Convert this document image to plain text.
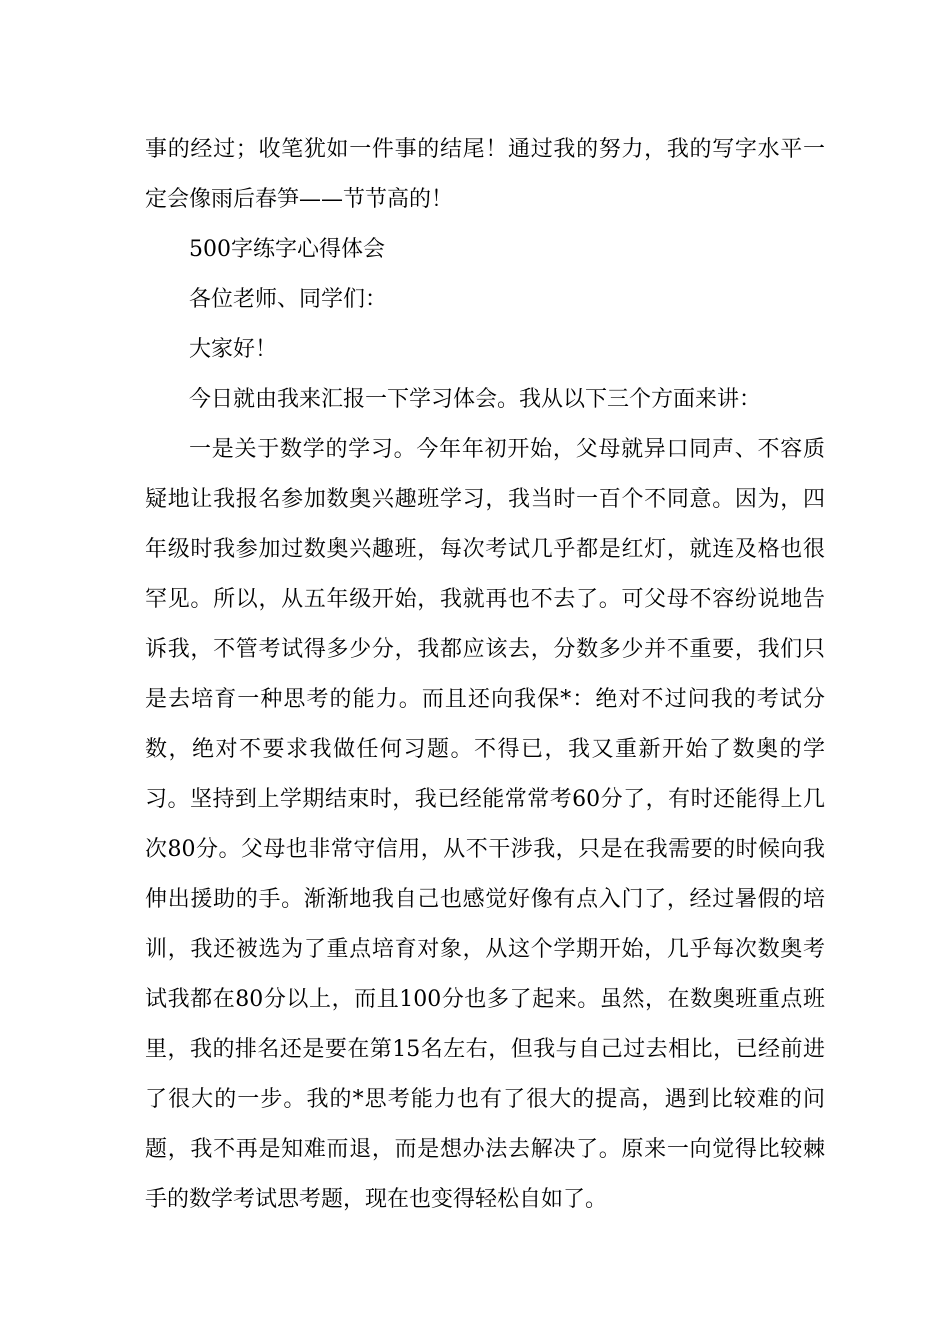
事的经过；收笔犹如一件事的结尾！通过我的努力，我的写字水平一定会像雨后春笋——节节高的！

500字练字心得体会

各位老师、同学们：

大家好！

今日就由我来汇报一下学习体会。我从以下三个方面来讲：

一是关于数学的学习。今年年初开始，父母就异口同声、不容质疑地让我报名参加数奥兴趣班学习，我当时一百个不同意。因为，四年级时我参加过数奥兴趣班，每次考试几乎都是红灯，就连及格也很罕见。所以，从五年级开始，我就再也不去了。可父母不容纷说地告诉我，不管考试得多少分，我都应该去，分数多少并不重要，我们只是去培育一种思考的能力。而且还向我保*：绝对不过问我的考试分数，绝对不要求我做任何习题。不得已，我又重新开始了数奥的学习。坚持到上学期结束时，我已经能常常考60分了，有时还能得上几次80分。父母也非常守信用，从不干涉我，只是在我需要的时候向我伸出援助的手。渐渐地我自己也感觉好像有点入门了，经过暑假的培训，我还被选为了重点培育对象，从这个学期开始，几乎每次数奥考试我都在80分以上，而且100分也多了起来。虽然，在数奥班重点班里，我的排名还是要在第15名左右，但我与自己过去相比，已经前进了很大的一步。我的*思考能力也有了很大的提高，遇到比较难的问题，我不再是知难而退，而是想办法去解决了。原来一向觉得比较棘手的数学考试思考题，现在也变得轻松自如了。
